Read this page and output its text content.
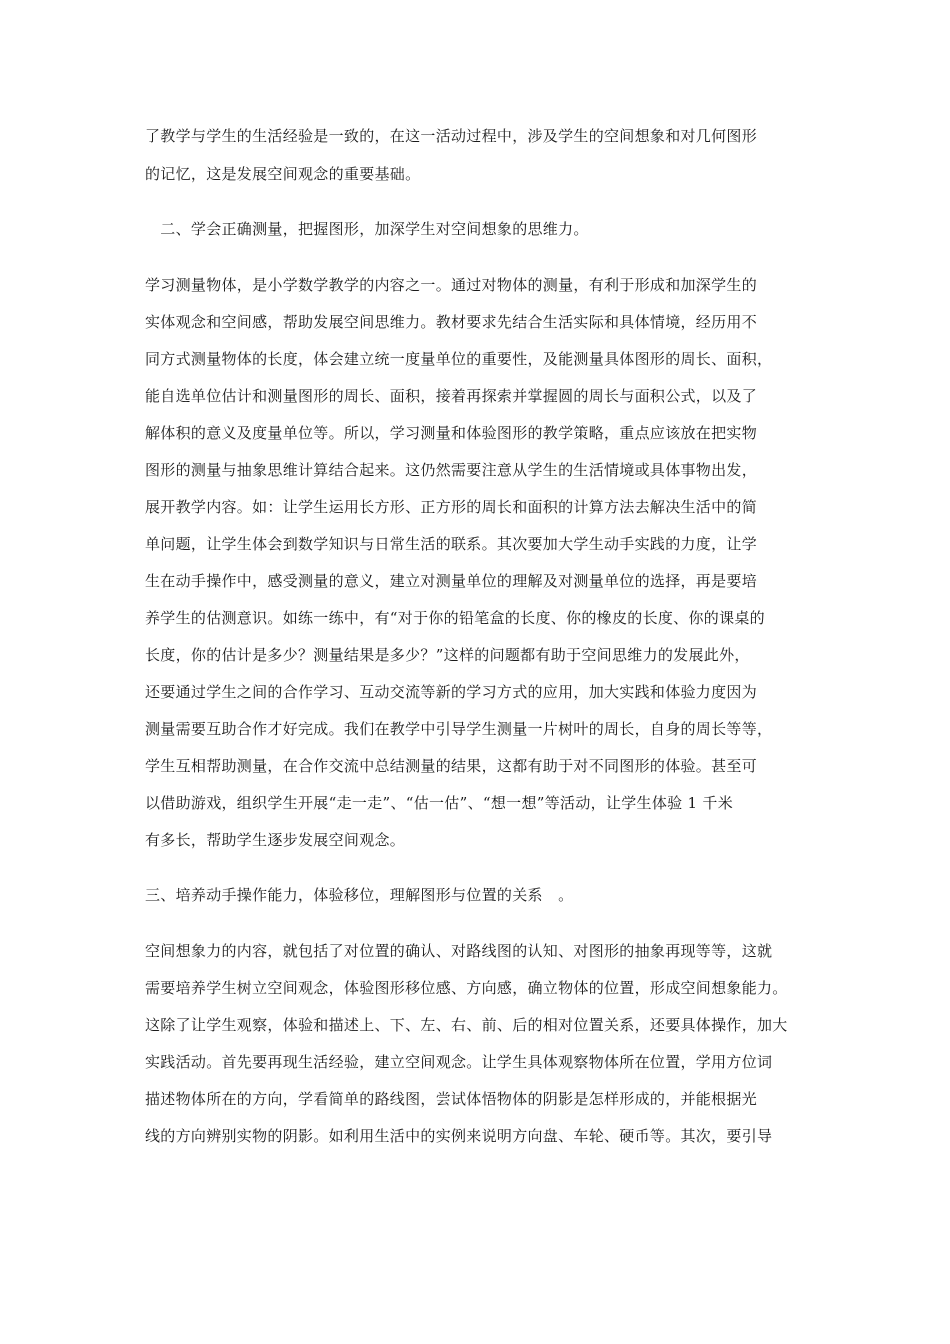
了教学与学生的生活经验是一致的，在这一活动过程中，涉及学生的空间想象和对几何图形
的记忆，这是发展空间观念的重要基础。
　二、学会正确测量，把握图形，加深学生对空间想象的思维力。
学习测量物体，是小学数学教学的内容之一。通过对物体的测量，有利于形成和加深学生的
实体观念和空间感，帮助发展空间思维力。教材要求先结合生活实际和具体情境，经历用不
同方式测量物体的长度，体会建立统一度量单位的重要性，及能测量具体图形的周长、面积，
能自选单位估计和测量图形的周长、面积，接着再探索并掌握圆的周长与面积公式，以及了
解体积的意义及度量单位等。所以，学习测量和体验图形的教学策略，重点应该放在把实物
图形的测量与抽象思维计算结合起来。这仍然需要注意从学生的生活情境或具体事物出发，
展开教学内容。如：让学生运用长方形、正方形的周长和面积的计算方法去解决生活中的简
单问题，让学生体会到数学知识与日常生活的联系。其次要加大学生动手实践的力度，让学
生在动手操作中，感受测量的意义，建立对测量单位的理解及对测量单位的选择，再是要培
养学生的估测意识。如练一练中，有“对于你的铅笔盒的长度、你的橡皮的长度、你的课桌的
长度，你的估计是多少？测量结果是多少？”这样的问题都有助于空间思维力的发展此外，
还要通过学生之间的合作学习、互动交流等新的学习方式的应用，加大实践和体验力度因为
测量需要互助合作才好完成。我们在教学中引导学生测量一片树叶的周长，自身的周长等等，
学生互相帮助测量，在合作交流中总结测量的结果，这都有助于对不同图形的体验。甚至可
以借助游戏，组织学生开展“走一走”、“估一估”、“想一想”等活动，让学生体验 1 千米
有多长，帮助学生逐步发展空间观念。
三、培养动手操作能力，体验移位，理解图形与位置的关系　。
空间想象力的内容，就包括了对位置的确认、对路线图的认知、对图形的抽象再现等等，这就
需要培养学生树立空间观念，体验图形移位感、方向感，确立物体的位置，形成空间想象能力。
这除了让学生观察，体验和描述上、下、左、右、前、后的相对位置关系，还要具体操作，加大
实践活动。首先要再现生活经验，建立空间观念。让学生具体观察物体所在位置，学用方位词
描述物体所在的方向，学看简单的路线图，尝试体悟物体的阴影是怎样形成的，并能根据光
线的方向辨别实物的阴影。如利用生活中的实例来说明方向盘、车轮、硬币等。其次，要引导
